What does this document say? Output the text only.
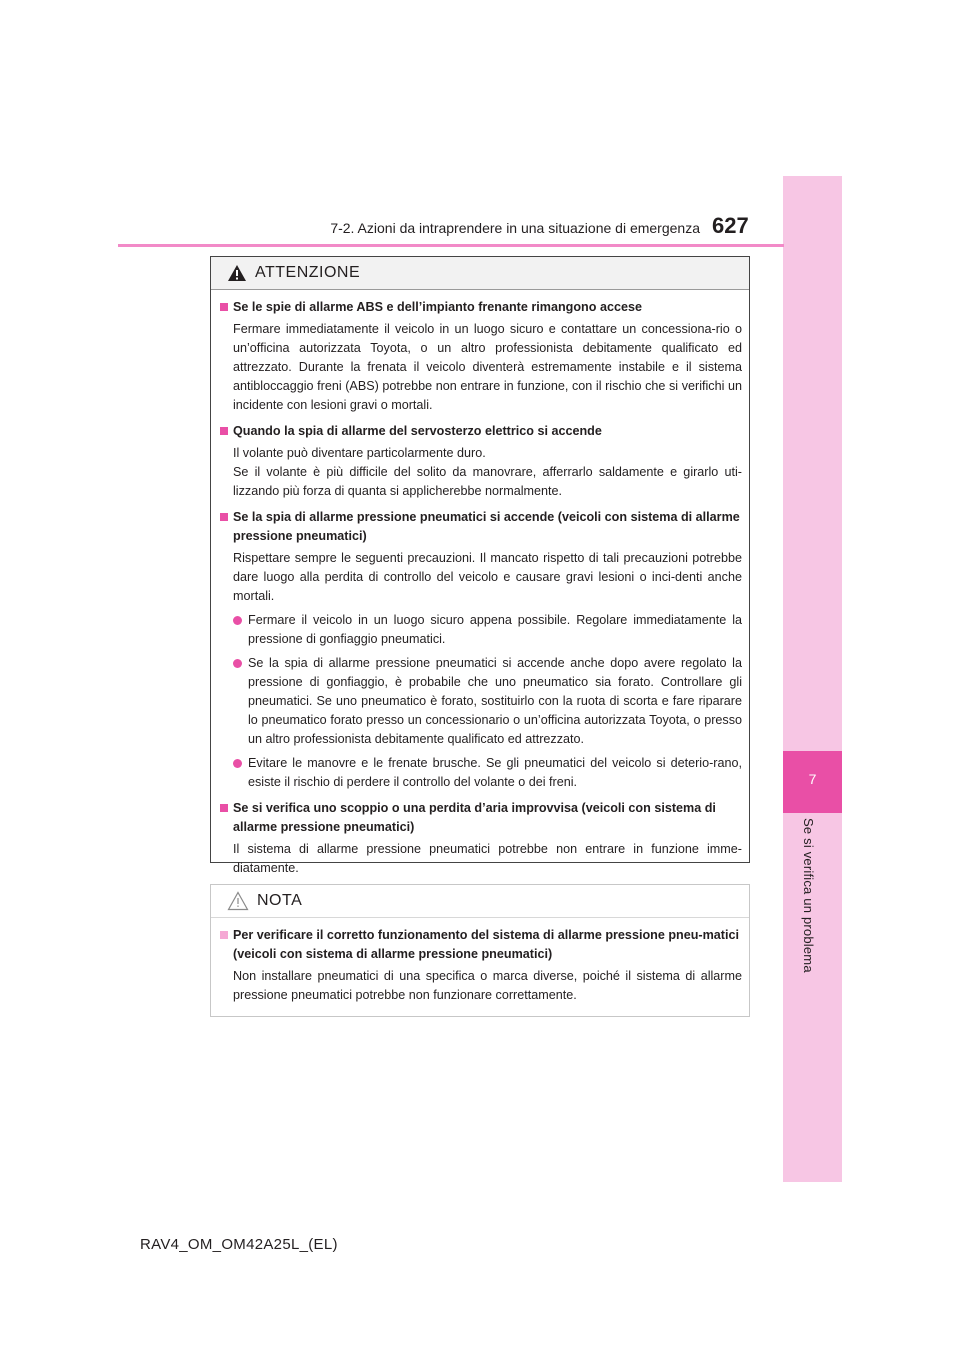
7
Se si verifica un problema
7-2. Azioni da intraprendere in una situazione di emergenza 627
ATTENZIONE
Se le spie di allarme ABS e dell’impianto frenante rimangono accese

Fermare immediatamente il veicolo in un luogo sicuro e contattare un concessiona-rio o un’officina autorizzata Toyota, o un altro professionista debitamente qualificato ed attrezzato. Durante la frenata il veicolo diventerà estremamente instabile e il sistema antibloccaggio freni (ABS) potrebbe non entrare in funzione, con il rischio che si verifichi un incidente con lesioni gravi o mortali.

Quando la spia di allarme del servosterzo elettrico si accende

Il volante può diventare particolarmente duro.

Se il volante è più difficile del solito da manovrare, afferrarlo saldamente e girarlo uti-lizzando più forza di quanta si applicherebbe normalmente.

Se la spia di allarme pressione pneumatici si accende (veicoli con sistema di allarme pressione pneumatici)

Rispettare sempre le seguenti precauzioni. Il mancato rispetto di tali precauzioni potrebbe dare luogo alla perdita di controllo del veicolo e causare gravi lesioni o inci-denti anche mortali.

Fermare il veicolo in un luogo sicuro appena possibile. Regolare immediatamente la pressione di gonfiaggio pneumatici.
Se la spia di allarme pressione pneumatici si accende anche dopo avere regolato la pressione di gonfiaggio, è probabile che uno pneumatico sia forato. Controllare gli pneumatici. Se uno pneumatico è forato, sostituirlo con la ruota di scorta e fare riparare lo pneumatico forato presso un concessionario o un’officina autorizzata Toyota, o presso un altro professionista debitamente qualificato ed attrezzato.
Evitare le manovre e le frenate brusche. Se gli pneumatici del veicolo si deterio-rano, esiste il rischio di perdere il controllo del volante o dei freni.
Se si verifica uno scoppio o una perdita d’aria improvvisa (veicoli con sistema di allarme pressione pneumatici)

Il sistema di allarme pressione pneumatici potrebbe non entrare in funzione imme-diatamente.

NOTA
Per verificare il corretto funzionamento del sistema di allarme pressione pneu-matici (veicoli con sistema di allarme pressione pneumatici)

Non installare pneumatici di una specifica o marca diverse, poiché il sistema di allarme pressione pneumatici potrebbe non funzionare correttamente.

RAV4_OM_OM42A25L_(EL)
